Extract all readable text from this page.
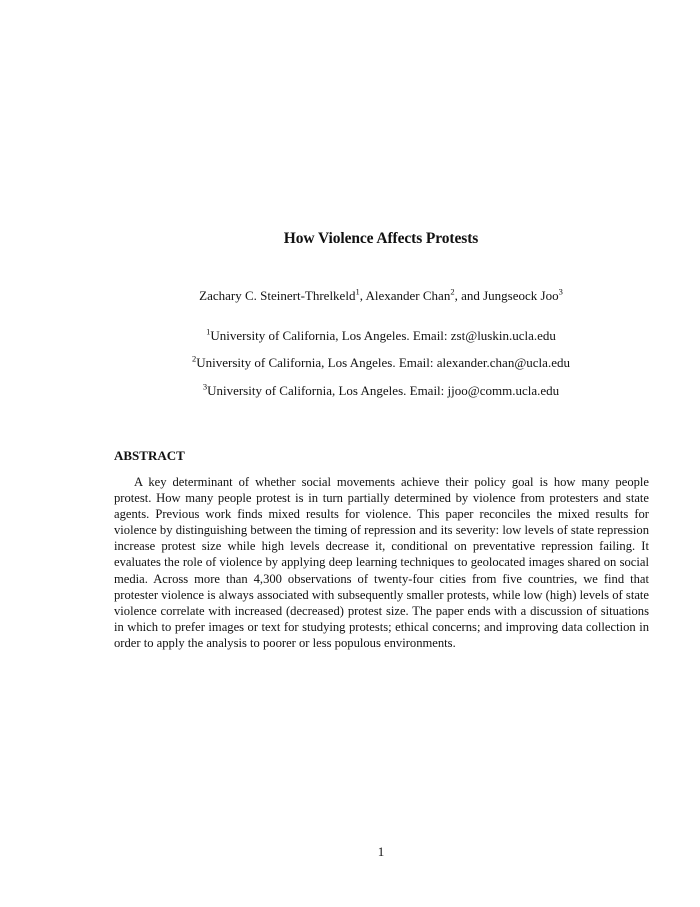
How Violence Affects Protests
Zachary C. Steinert-Threlkeld$^1$, Alexander Chan$^2$, and Jungseock Joo$^3$
$^1$University of California, Los Angeles. Email: zst@luskin.ucla.edu
$^2$University of California, Los Angeles. Email: alexander.chan@ucla.edu
$^3$University of California, Los Angeles. Email: jjoo@comm.ucla.edu
ABSTRACT
A key determinant of whether social movements achieve their policy goal is how many people protest. How many people protest is in turn partially determined by violence from protesters and state agents. Previous work finds mixed results for violence. This paper reconciles the mixed results for violence by distinguishing between the timing of repression and its severity: low levels of state repression increase protest size while high levels decrease it, conditional on preventative repression failing. It evaluates the role of violence by applying deep learning techniques to geolocated images shared on social media. Across more than 4,300 observations of twenty-four cities from five countries, we find that protester violence is always associated with subsequently smaller protests, while low (high) levels of state violence correlate with increased (decreased) protest size. The paper ends with a discussion of situations in which to prefer images or text for studying protests; ethical concerns; and improving data collection in order to apply the analysis to poorer or less populous environments.
1
